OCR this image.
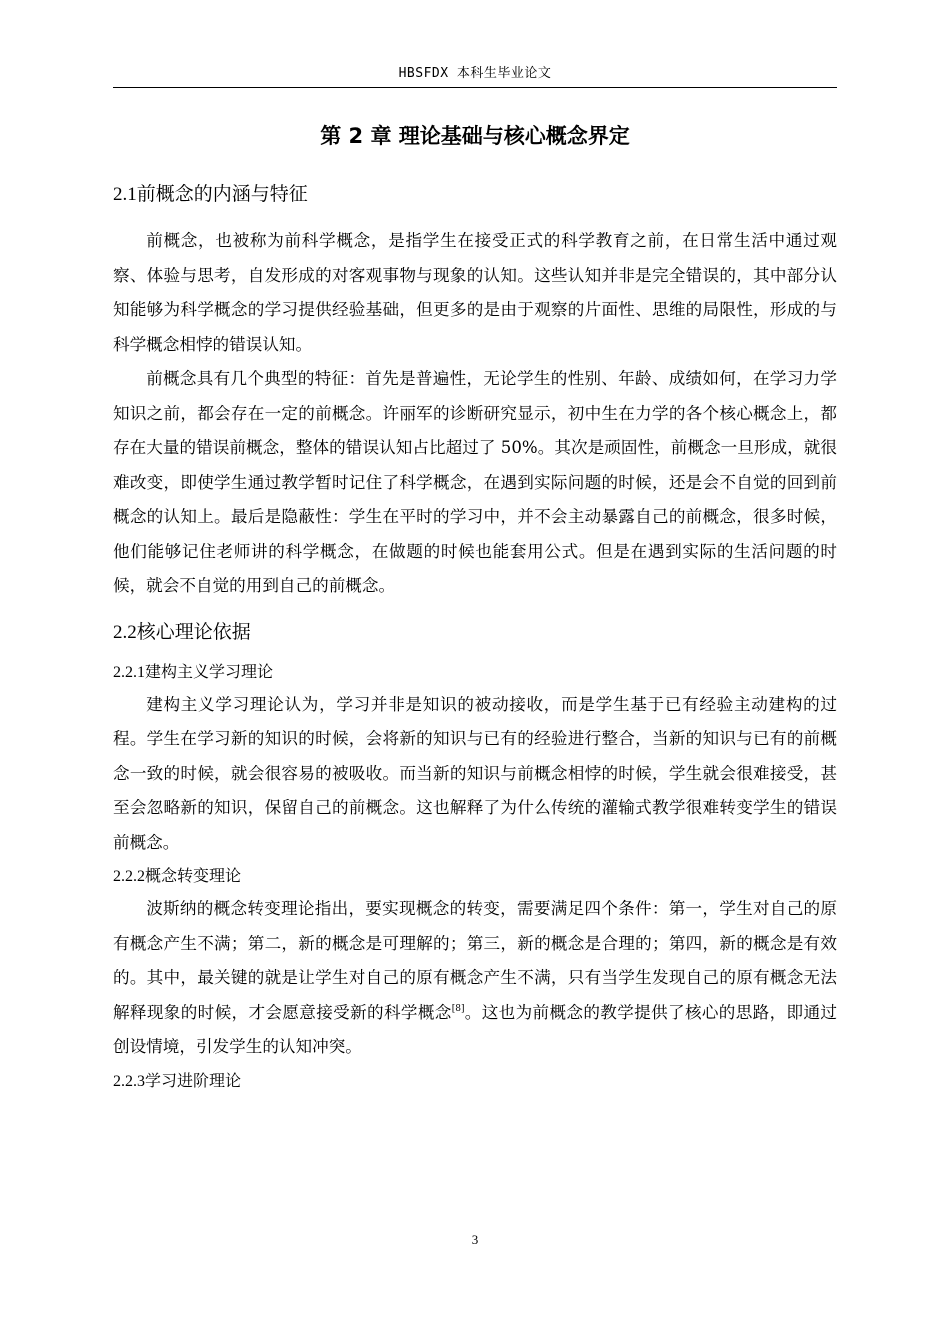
HBSFDX 本科生毕业论文
第 2 章 理论基础与核心概念界定
2.1前概念的内涵与特征

前概念，也被称为前科学概念，是指学生在接受正式的科学教育之前，在日常生活中通过观察、体验与思考，自发形成的对客观事物与现象的认知。这些认知并非是完全错误的，其中部分认知能够为科学概念的学习提供经验基础，但更多的是由于观察的片面性、思维的局限性，形成的与科学概念相悖的错误认知。

前概念具有几个典型的特征：首先是普遍性，无论学生的性别、年龄、成绩如何，在学习力学知识之前，都会存在一定的前概念。许丽军的诊断研究显示，初中生在力学的各个核心概念上，都存在大量的错误前概念，整体的错误认知占比超过了 50%。其次是顽固性，前概念一旦形成，就很难改变，即使学生通过教学暂时记住了科学概念，在遇到实际问题的时候，还是会不自觉的回到前概念的认知上。最后是隐蔽性：学生在平时的学习中，并不会主动暴露自己的前概念，很多时候，他们能够记住老师讲的科学概念，在做题的时候也能套用公式。但是在遇到实际的生活问题的时候，就会不自觉的用到自己的前概念。

2.2核心理论依据
2.2.1建构主义学习理论

建构主义学习理论认为，学习并非是知识的被动接收，而是学生基于已有经验主动建构的过程。学生在学习新的知识的时候，会将新的知识与已有的经验进行整合，当新的知识与已有的前概念一致的时候，就会很容易的被吸收。而当新的知识与前概念相悖的时候，学生就会很难接受，甚至会忽略新的知识，保留自己的前概念。这也解释了为什么传统的灌输式教学很难转变学生的错误前概念。

2.2.2概念转变理论

波斯纳的概念转变理论指出，要实现概念的转变，需要满足四个条件：第一，学生对自己的原有概念产生不满；第二，新的概念是可理解的；第三，新的概念是合理的；第四，新的概念是有效的。其中，最关键的就是让学生对自己的原有概念产生不满，只有当学生发现自己的原有概念无法解释现象的时候，才会愿意接受新的科学概念[8]。这也为前概念的教学提供了核心的思路，即通过创设情境，引发学生的认知冲突。

2.2.3学习进阶理论
3
